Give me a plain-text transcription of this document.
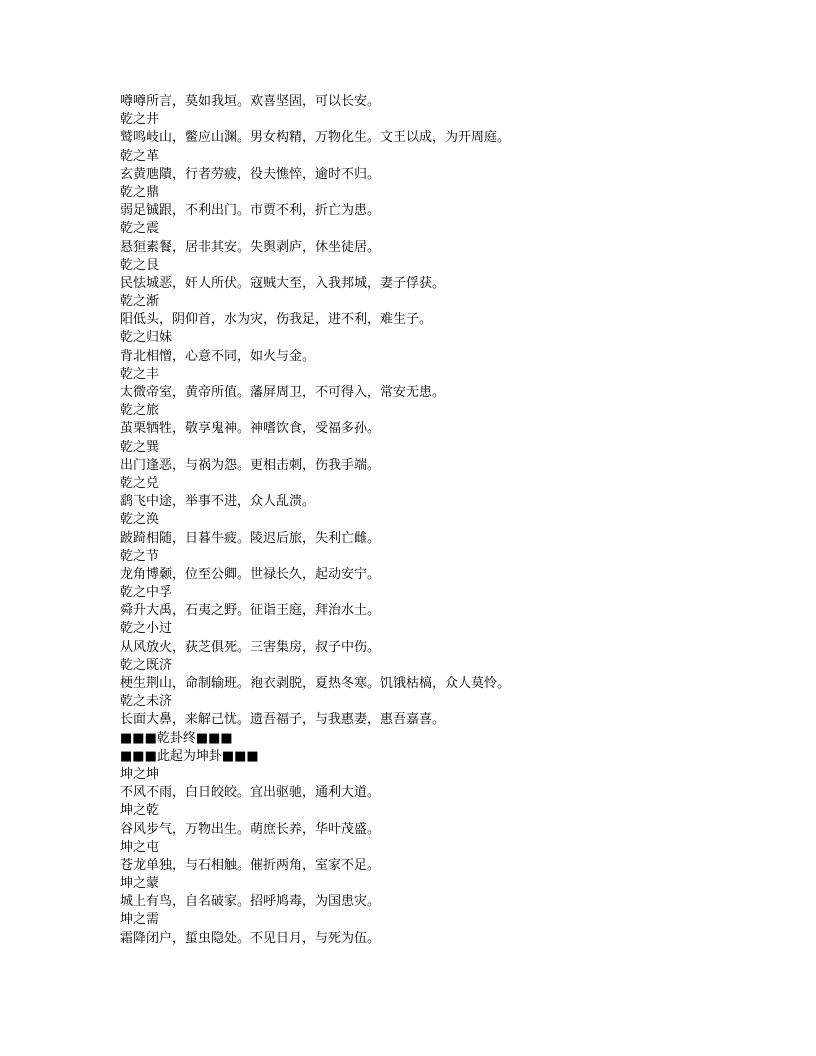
噂噂所言，莫如我垣。欢喜坚固，可以长安。
乾之井
鹫鸣岐山，鳖应山渊。男女构精，万物化生。文王以成，为开周庭。
乾之革
玄黄虺隤，行者劳疲，役夫憔悴，逾时不归。
乾之鼎
弱足铖跟，不利出门。市贾不利，折亡为患。
乾之震
悬狟素餐，居非其安。失舆剥庐，休坐徒居。
乾之艮
民怯城恶，奸人所伏。寇贼大至，入我邦城，妻子俘获。
乾之渐
阳低头，阴仰首，水为灾，伤我足，进不利，难生子。
乾之归妹
背北相憎，心意不同，如火与金。
乾之丰
太微帝室，黄帝所值。藩屏周卫，不可得入，常安无患。
乾之旅
茧栗牺牲，敬享鬼神。神嗜饮食，受福多孙。
乾之巽
出门逢恶，与祸为怨。更相击刺，伤我手端。
乾之兑
鹞飞中途，举事不进，众人乱溃。
乾之涣
跛踦相随，日暮牛疲。陵迟后旅，失利亡雌。
乾之节
龙角博颡，位至公卿。世禄长久，起动安宁。
乾之中孚
舜升大禹，石夷之野。征诣王庭，拜治水土。
乾之小过
从风放火，荻芝俱死。三害集房，叔子中伤。
乾之既济
梗生荆山，命制输班。袍衣剥脱，夏热冬寒。饥饿枯槁，众人莫怜。
乾之未济
长面大鼻，来解己忧。遗吾福子，与我惠妻，惠吾嘉喜。
■■■乾卦终■■■
■■■此起为坤卦■■■
坤之坤
不风不雨，白日皎皎。宜出驱驰，通利大道。
坤之乾
谷风步气，万物出生。萌庶长养，华叶茂盛。
坤之屯
苍龙单独，与石相触。催折两角，室家不足。
坤之蒙
城上有鸟，自名破家。招呼鸠毒，为国患灾。
坤之需
霜降闭户，蜇虫隐处。不见日月，与死为伍。
